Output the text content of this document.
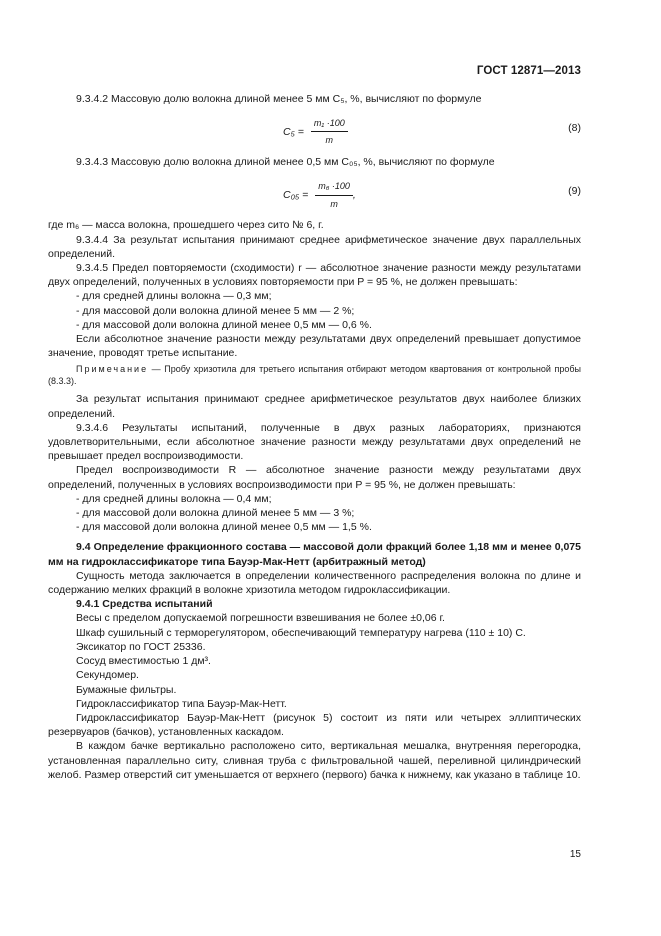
ГОСТ 12871—2013

9.3.4.2 Массовую долю волокна длиной менее 5 мм C₅, %, вычисляют по формуле

$C_5 = \frac{\text{m₁ ·100}}{m}$	(8)

9.3.4.3 Массовую долю волокна длиной менее 0,5 мм C₀₅, %, вычисляют по формуле

$C_{05} = \frac{\text{m₆ ·100}}{m}$ ,	(9)

где m₆ — масса волокна, прошедшего через сито № 6, г.

9.3.4.4 За результат испытания принимают среднее арифметическое значение двух параллельных определений.

9.3.4.5 Предел повторяемости (сходимости) r — абсолютное значение разности между результатами двух определений, полученных в условиях повторяемости при P = 95 %, не должен превышать:

- для средней длины волокна — 0,3 мм;

- для массовой доли волокна длиной менее 5 мм — 2 %;

- для массовой доли волокна длиной менее 0,5 мм — 0,6 %.

Если абсолютное значение разности между результатами двух определений превышает допустимое значение, проводят третье испытание.

Примечание — Пробу хризотила для третьего испытания отбирают методом квартования от контрольной пробы (8.3.3).

За результат испытания принимают среднее арифметическое результатов двух наиболее близких определений.

9.3.4.6 Результаты испытаний, полученные в двух разных лабораториях, признаются удовлетворительными, если абсолютное значение разности между результатами двух определений не превышает предел воспроизводимости.

Предел воспроизводимости R — абсолютное значение разности между результатами двух определений, полученных в условиях воспроизводимости при P = 95 %, не должен превышать:

- для средней длины волокна — 0,4 мм;

- для массовой доли волокна длиной менее 5 мм — 3 %;

- для массовой доли волокна длиной менее 0,5 мм — 1,5 %.

9.4 Определение фракционного состава — массовой доли фракций более 1,18 мм и менее 0,075 мм на гидроклассификаторе типа Бауэр-Мак-Нетт (арбитражный метод)

Сущность метода заключается в определении количественного распределения волокна по длине и содержанию мелких фракций в волокне хризотила методом гидроклассификации.

9.4.1 Средства испытаний

Весы с пределом допускаемой погрешности взвешивания не более ±0,06 г.

Шкаф сушильный с терморегулятором, обеспечивающий температуру нагрева (110 ± 10) С.

Эксикатор по ГОСТ 25336.

Сосуд вместимостью 1 дм³.

Секундомер.

Бумажные фильтры.

Гидроклассификатор типа Бауэр-Мак-Нетт.

Гидроклассификатор Бауэр-Мак-Нетт (рисунок 5) состоит из пяти или четырех эллиптических резервуаров (бачков), установленных каскадом.

В каждом бачке вертикально расположено сито, вертикальная мешалка, внутренняя перегородка, установленная параллельно ситу, сливная труба с фильтровальной чашей, переливной цилиндрический желоб. Размер отверстий сит уменьшается от верхнего (первого) бачка к нижнему, как указано в таблице 10.

15
